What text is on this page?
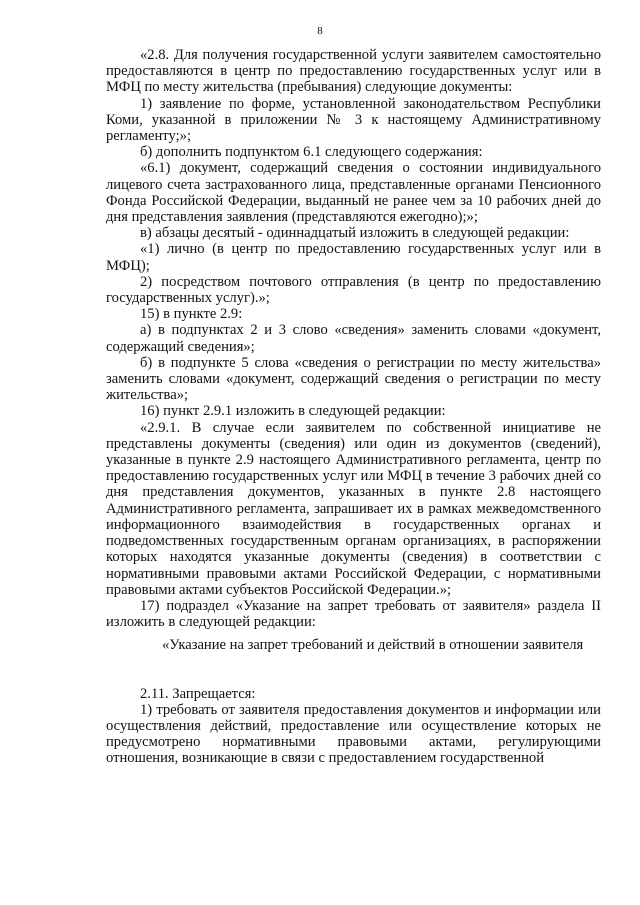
8

«2.8. Для получения государственной услуги заявителем самостоятельно предоставляются в центр по предоставлению государственных услуг или в МФЦ по месту жительства (пребывания) следующие документы:

1) заявление по форме, установленной законодательством Республики Коми, указанной в приложении № 3 к настоящему Административному регламенту;»;

б) дополнить подпунктом 6.1 следующего содержания:

«6.1) документ, содержащий сведения о состоянии индивидуального лицевого счета застрахованного лица, представленные органами Пенсионного Фонда Российской Федерации, выданный не ранее чем за 10 рабочих дней до дня представления заявления (представляются ежегодно);»;

в) абзацы десятый - одиннадцатый изложить в следующей редакции:

«1) лично (в центр по предоставлению государственных услуг или в МФЦ);

2) посредством почтового отправления (в центр по предоставлению государственных услуг).»;

15) в пункте 2.9:

а) в подпунктах 2 и 3 слово «сведения» заменить словами «документ, содержащий сведения»;

б) в подпункте 5 слова «сведения о регистрации по месту жительства» заменить словами «документ, содержащий сведения о регистрации по месту жительства»;

16) пункт 2.9.1 изложить в следующей редакции:

«2.9.1. В случае если заявителем по собственной инициативе не представлены документы (сведения) или один из документов (сведений), указанные в пункте 2.9 настоящего Административного регламента, центр по предоставлению государственных услуг или МФЦ в течение 3 рабочих дней со дня представления документов, указанных в пункте 2.8 настоящего Административного регламента, запрашивает их в рамках межведомственного информационного взаимодействия в государственных органах и подведомственных государственным органам организациях, в распоряжении которых находятся указанные документы (сведения) в соответствии с нормативными правовыми актами Российской Федерации, с нормативными правовыми актами субъектов Российской Федерации.»;

17) подраздел «Указание на запрет требовать от заявителя» раздела II изложить в следующей редакции:

«Указание на запрет требований и действий в отношении заявителя

2.11. Запрещается:

1) требовать от заявителя предоставления документов и информации или осуществления действий, предоставление или осуществление которых не предусмотрено нормативными правовыми актами, регулирующими отношения, возникающие в связи с предоставлением государственной
